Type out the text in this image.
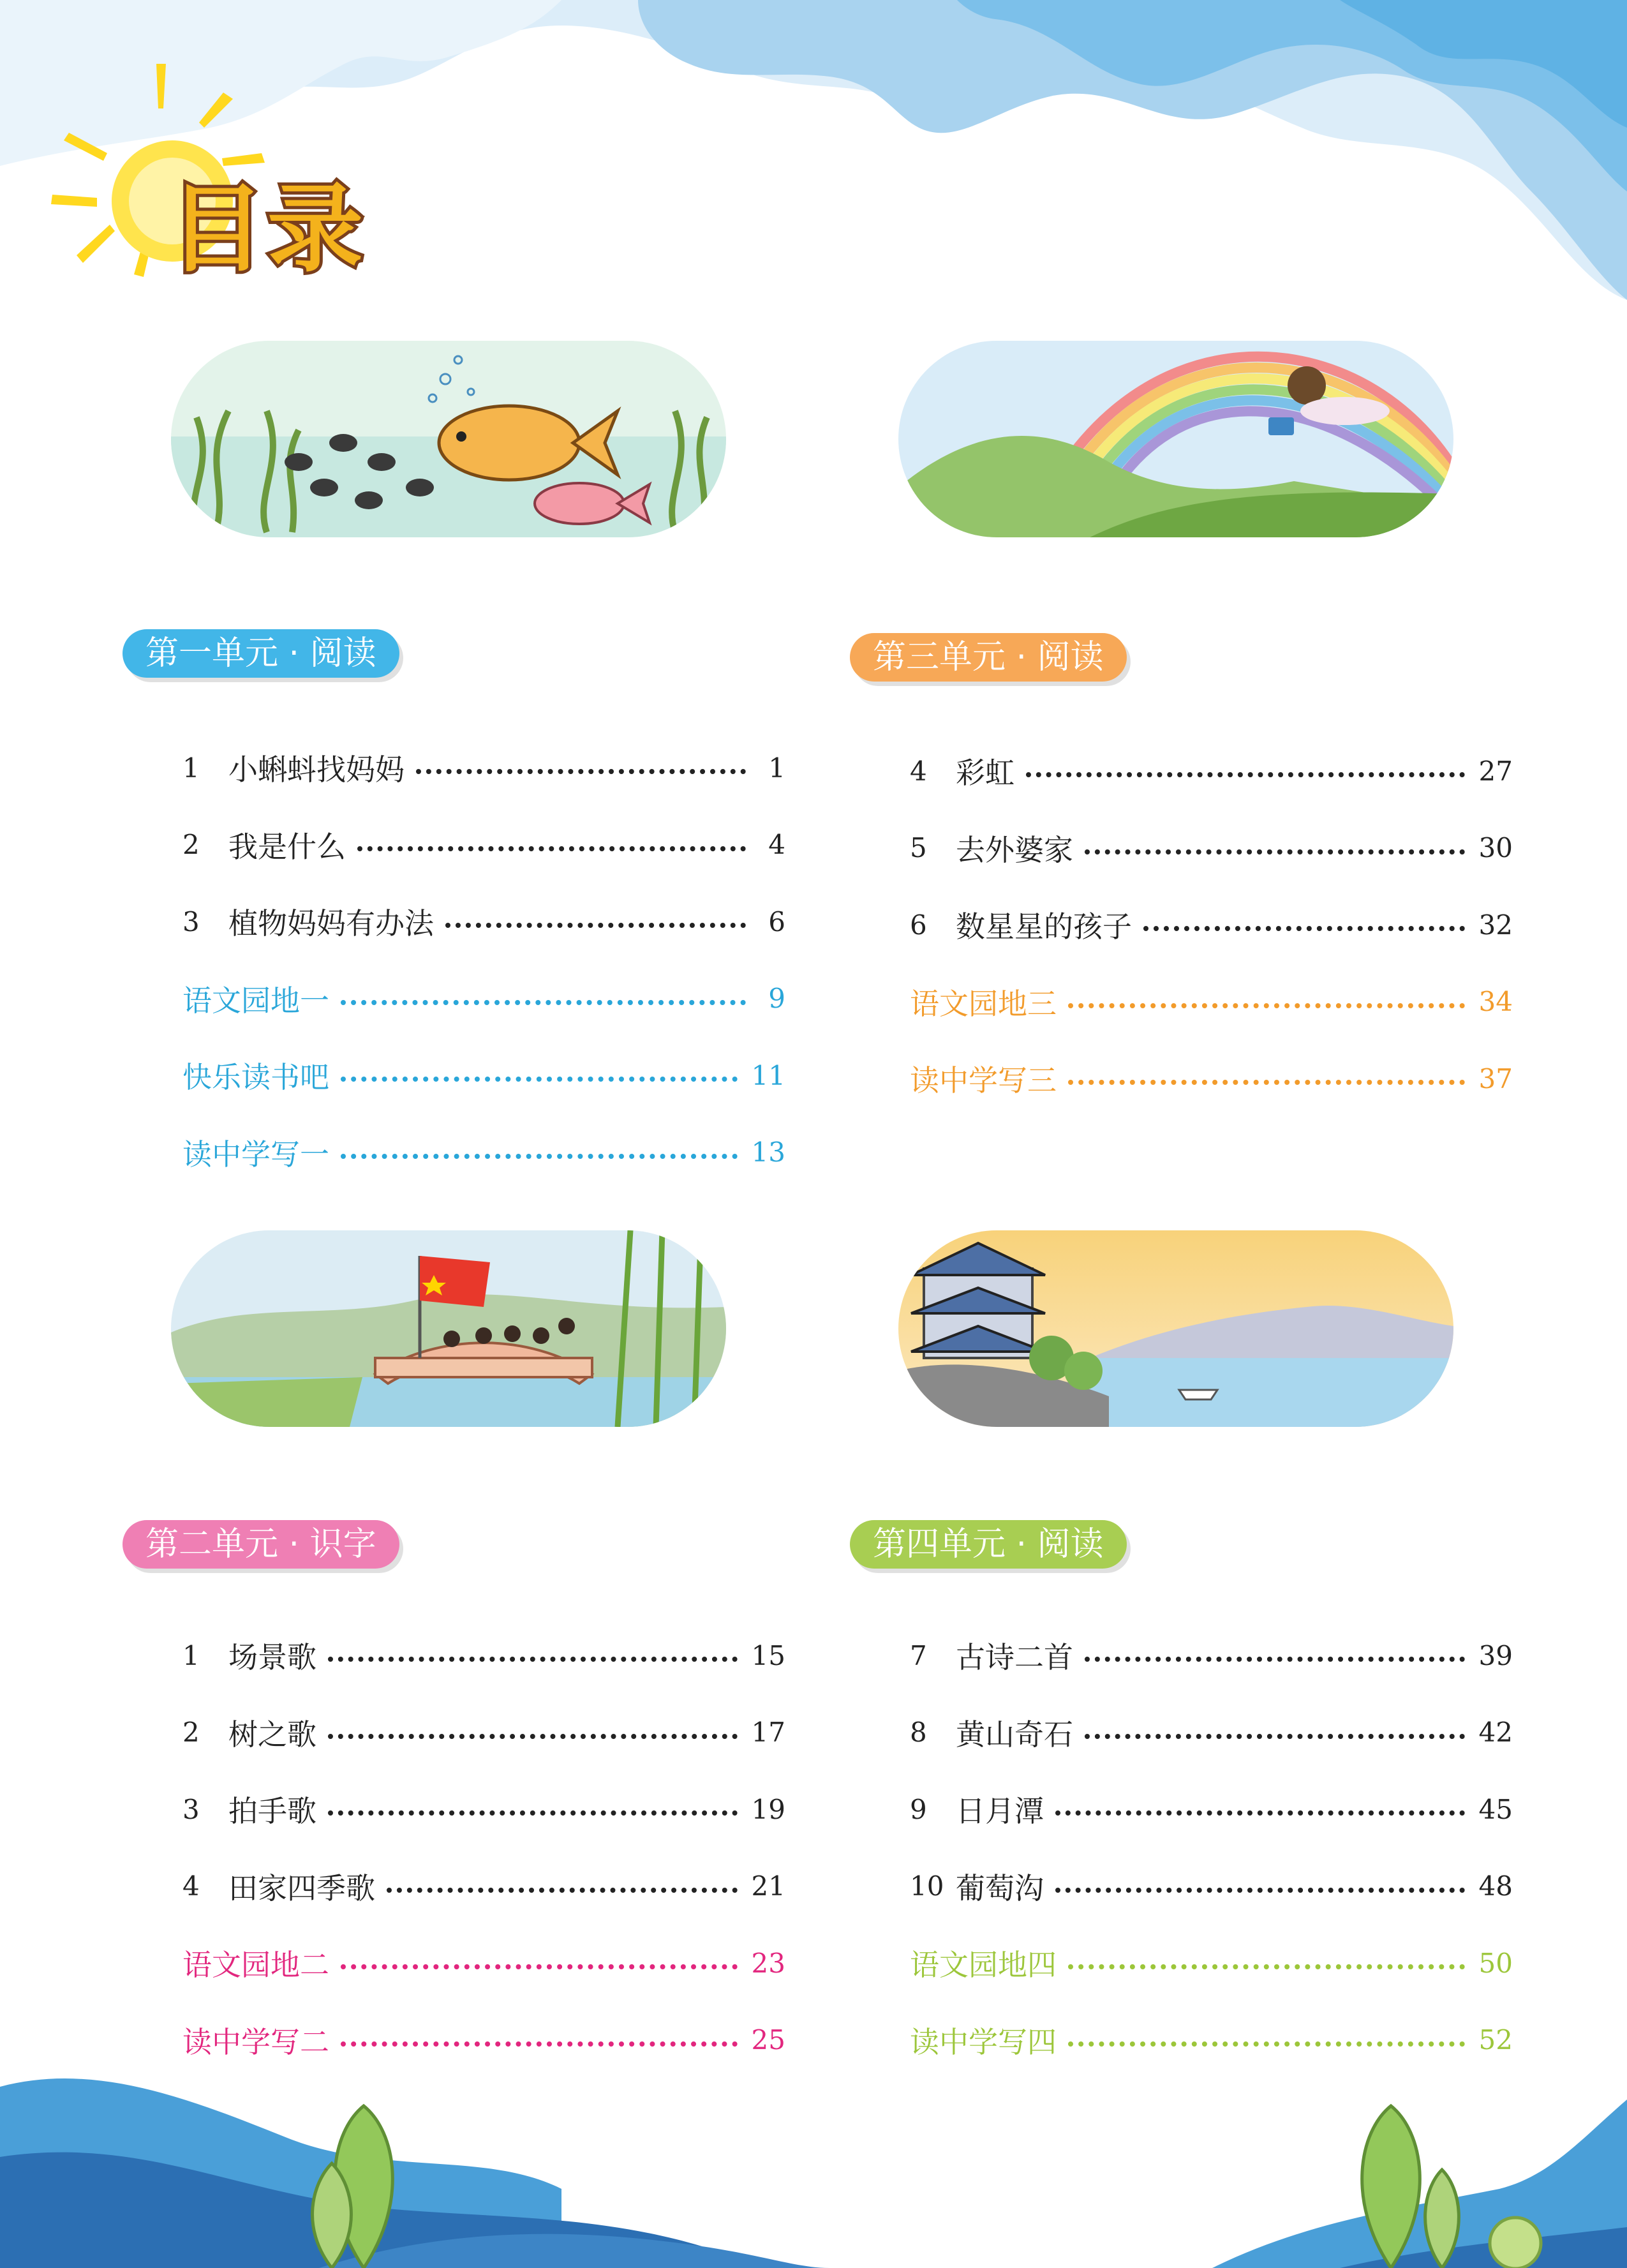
目录
第一单元 · 阅读	第三单元 · 阅读
第二单元 · 识字	第四单元 · 阅读
1 小蝌蚪找妈妈	1
2 我是什么	4
3 植物妈妈有办法	6
语文园地一	9
快乐读书吧	11
读中学写一	13
4 彩虹	27
5 去外婆家	30
6 数星星的孩子	32
语文园地三	34
读中学写三	37
1 场景歌	15
2 树之歌	17
3 拍手歌	19
4 田家四季歌	21
语文园地二	23
读中学写二	25
7 古诗二首	39
8 黄山奇石	42
9 日月潭	45
10 葡萄沟	48
语文园地四	50
读中学写四	52
